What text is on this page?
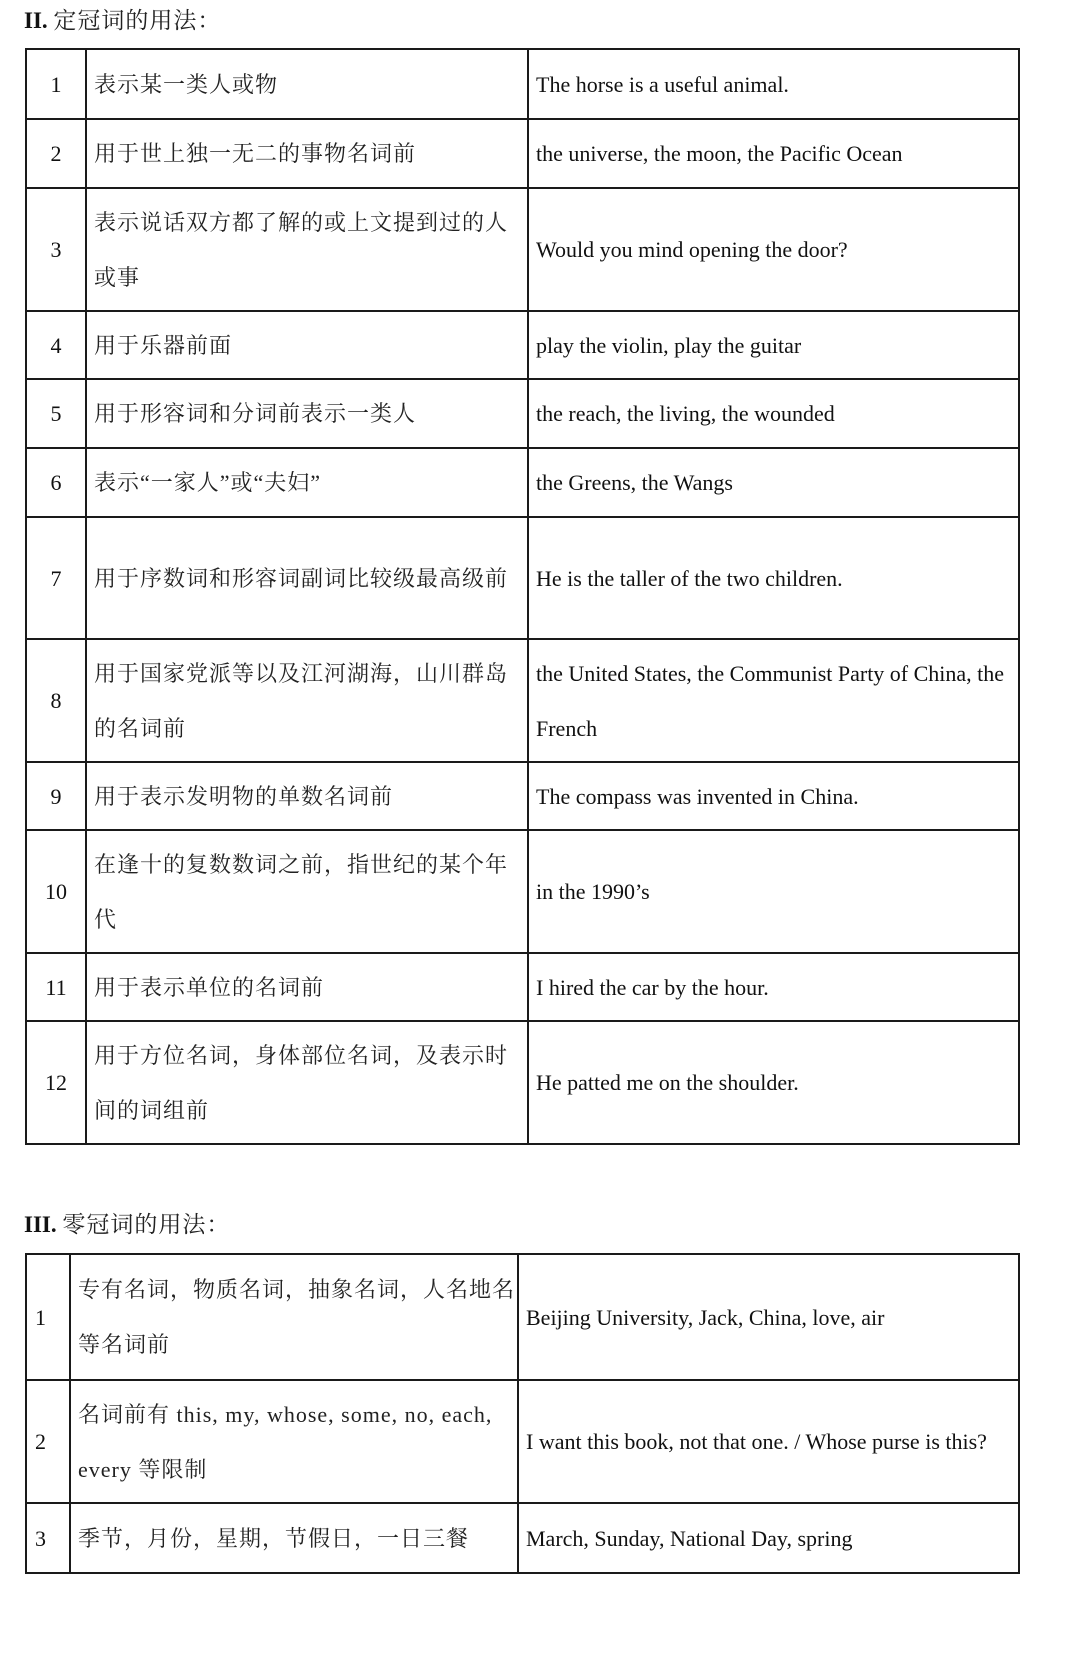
II. 定冠词的用法：
1	表示某一类人或物	The horse is a useful animal.
2	用于世上独一无二的事物名词前	the universe, the moon, the Pacific Ocean
3	表示说话双方都了解的或上文提到过的人或事	Would you mind opening the door?
4	用于乐器前面	play the violin, play the guitar
5	用于形容词和分词前表示一类人	the reach, the living, the wounded
6	表示“一家人”或“夫妇”	the Greens, the Wangs
7	用于序数词和形容词副词比较级最高级前	He is the taller of the two children.
8	用于国家党派等以及江河湖海，山川群岛的名词前	the United States, the Communist Party of China, the French
9	用于表示发明物的单数名词前	The compass was invented in China.
10	在逢十的复数数词之前，指世纪的某个年代	in the 1990’s
11	用于表示单位的名词前	I hired the car by the hour.
12	用于方位名词，身体部位名词，及表示时间的词组前	He patted me on the shoulder.
III. 零冠词的用法：
1	专有名词，物质名词，抽象名词，人名地名等名词前	Beijing University, Jack, China, love, air
2	名词前有 this, my, whose, some, no, each, every 等限制	I want this book, not that one. / Whose purse is this?
3	季节，月份，星期，节假日，一日三餐	March, Sunday, National Day, spring
